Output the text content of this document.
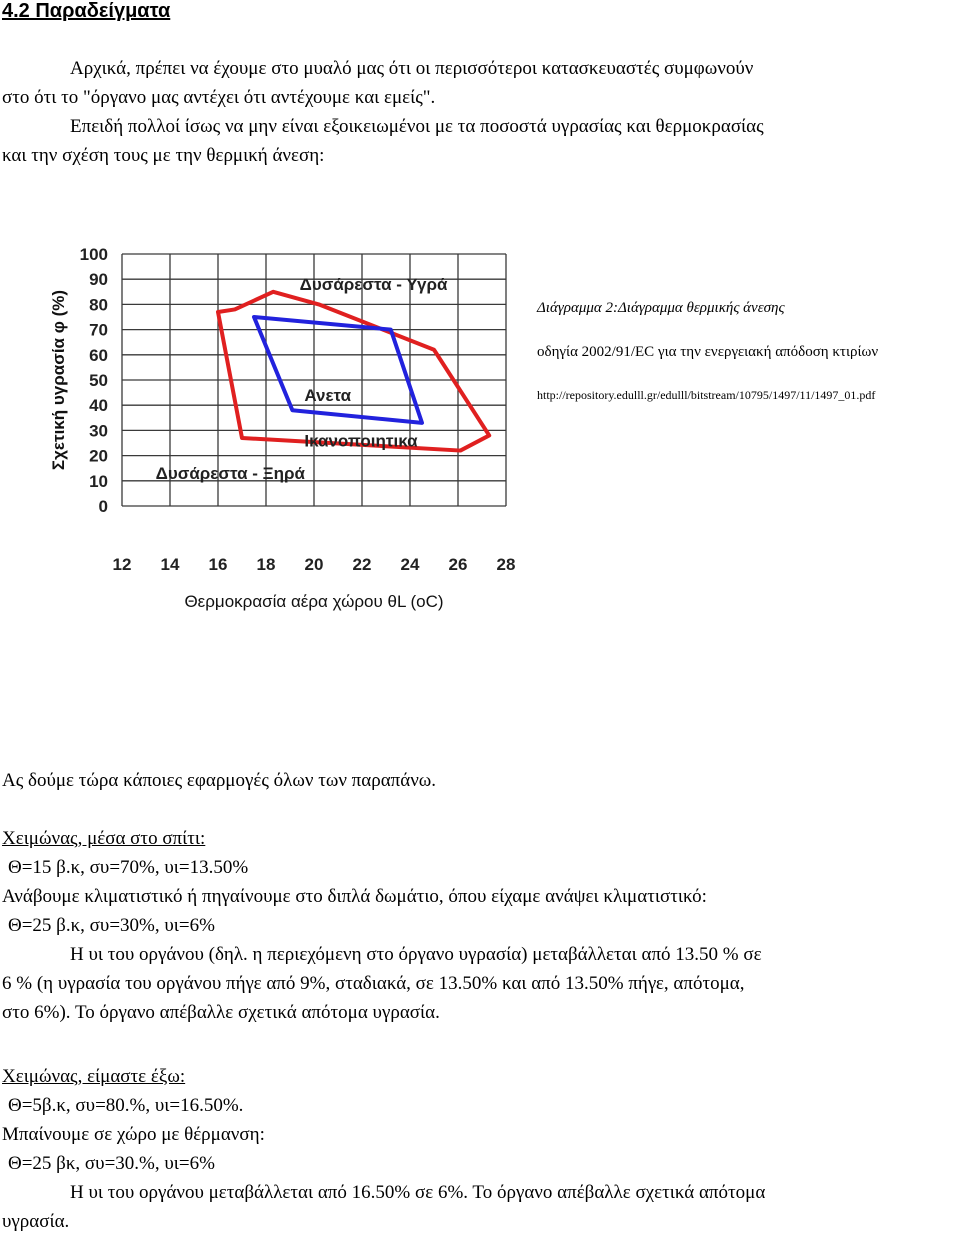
4.2 Παραδείγματα
Αρχικά, πρέπει να έχουμε στο μυαλό μας ότι οι περισσότεροι κατασκευαστές συμφωνούν
στο ότι το "όργανο μας αντέχει ότι αντέχουμε και εμείς".
Επειδή πολλοί ίσως να μην είναι εξοικειωμένοι με τα ποσοστά υγρασίας και θερμοκρασίας
και την σχέση τους με την θερμική άνεση:
0
10
20
30
40
50
60
70
80
90
100
12 14 16 18 20 22 24 26 28
Δυσάρεστα - Υγρά
Ανετα
Ικανοποιητικα
Δυσάρεστα - Ξηρά
Θερμοκρασία αέρα χώρου θL (oC)
Σχετική υγρασία φ (%)	Διάγραμμα 2:Διάγραμμα θερμικής άνεσης
οδηγία 2002/91/EC για την ενεργειακή απόδοση κτιρίων
http://repository.edulll.gr/edulll/bitstream/10795/1497/11/1497_01.pdf
Ας δούμε τώρα κάποιες εφαρμογές όλων των παραπάνω.
Χειμώνας, μέσα στο σπίτι:
Θ=15 β.κ, συ=70%, υι=13.50%
Ανάβουμε κλιματιστικό ή πηγαίνουμε στο διπλά δωμάτιο, όπου είχαμε ανάψει κλιματιστικό:
Θ=25 β.κ, συ=30%, υι=6%
Η υι του οργάνου (δηλ. η περιεχόμενη στο όργανο υγρασία) μεταβάλλεται από 13.50 % σε
6 % (η υγρασία του οργάνου πήγε από 9%, σταδιακά, σε 13.50% και από 13.50% πήγε, απότομα,
στο 6%). Το όργανο απέβαλλε σχετικά απότομα υγρασία.
Χειμώνας, είμαστε έξω:
Θ=5β.κ, συ=80.%, υι=16.50%.
Μπαίνουμε σε χώρο με θέρμανση:
Θ=25 βκ, συ=30.%, υι=6%
Η υι του οργάνου μεταβάλλεται από 16.50% σε 6%. Το όργανο απέβαλλε σχετικά απότομα
υγρασία.
